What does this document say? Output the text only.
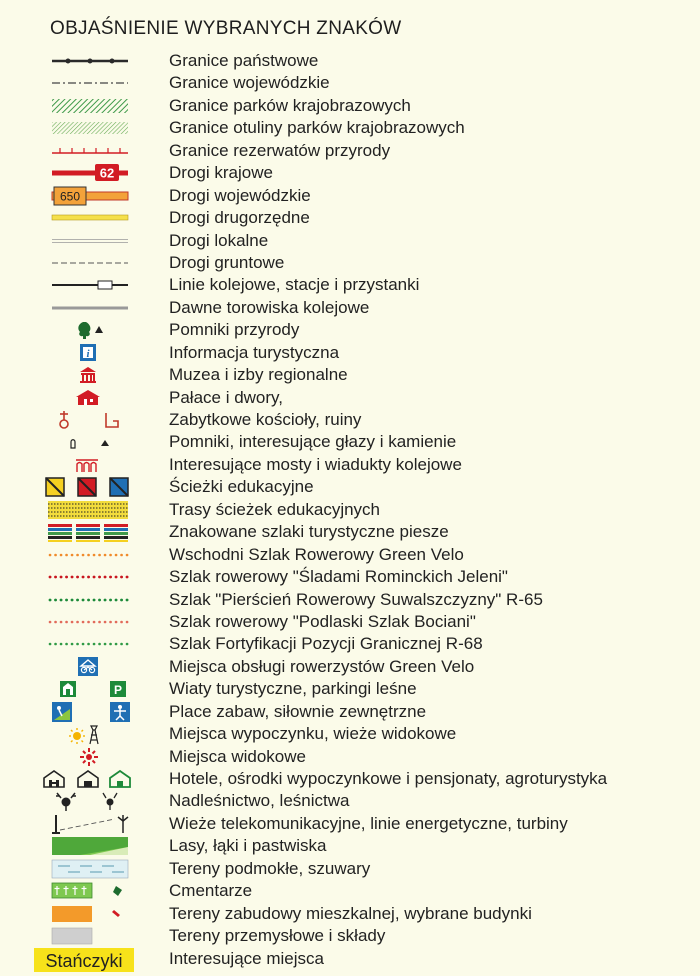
OBJAŚNIENIE WYBRANYCH ZNAKÓW
Granice państwowe
Granice wojewódzkie
Granice parków krajobrazowych
Granice otuliny parków krajobrazowych
Granice rezerwatów przyrody
62	Drogi krajowe
650	Drogi wojewódzkie
Drogi drugorzędne
Drogi lokalne
Drogi gruntowe
Linie kolejowe, stacje i przystanki
Dawne torowiska kolejowe
Pomniki przyrody
i	Informacja turystyczna
Muzea i izby regionalne
Pałace i dwory,
Zabytkowe kościoły, ruiny
Pomniki, interesujące głazy i kamienie
Interesujące mosty i wiadukty kolejowe
Ścieżki edukacyjne
Trasy ścieżek edukacyjnych
Znakowane szlaki turystyczne piesze
Wschodni Szlak Rowerowy Green Velo
Szlak rowerowy "Śladami Rominckich Jeleni"
Szlak "Pierścień Rowerowy Suwalszczyzny" R-65
Szlak rowerowy "Podlaski Szlak Bociani"
Szlak Fortyfikacji Pozycji Granicznej R-68
Miejsca obsługi rowerzystów Green Velo
P	Wiaty turystyczne, parkingi leśne
Place zabaw, siłownie zewnętrzne
Miejsca wypoczynku, wieże widokowe
Miejsca widokowe
Hotele, ośrodki wypoczynkowe i pensjonaty, agroturystyka
Nadleśnictwo, leśnictwa
Wieże telekomunikacyjne, linie energetyczne, turbiny
Lasy, łąki i pastwiska
Tereny podmokłe, szuwary
Cmentarze
Tereny zabudowy mieszkalnej, wybrane budynki
Tereny przemysłowe i składy
Stańczyki	Interesujące miejsca
